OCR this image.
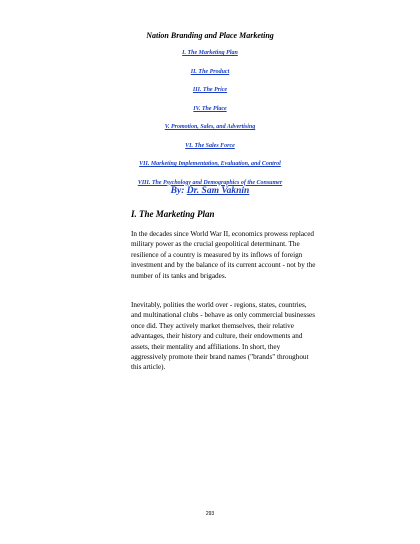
Nation Branding and Place Marketing
I. The Marketing Plan
II. The Product
III. The Price
IV. The Place
V. Promotion, Sales, and Advertising
VI. The Sales Force
VII. Marketing Implementation, Evaluation, and Control
VIII. The Psychology and Demographics of the Consumer
By: Dr. Sam Vaknin
I. The Marketing Plan

In the decades since World War II, economics prowess replaced military power as the crucial geopolitical determinant. The resilience of a country is measured by its inflows of foreign investment and by the balance of its current account - not by the number of its tanks and brigades.

Inevitably, polities the world over - regions, states, countries, and multinational clubs - behave as only commercial businesses once did. They actively market themselves, their relative advantages, their history and culture, their endowments and assets, their mentality and affiliations. In short, they aggressively promote their brand names ("brands" throughout this article).

293
